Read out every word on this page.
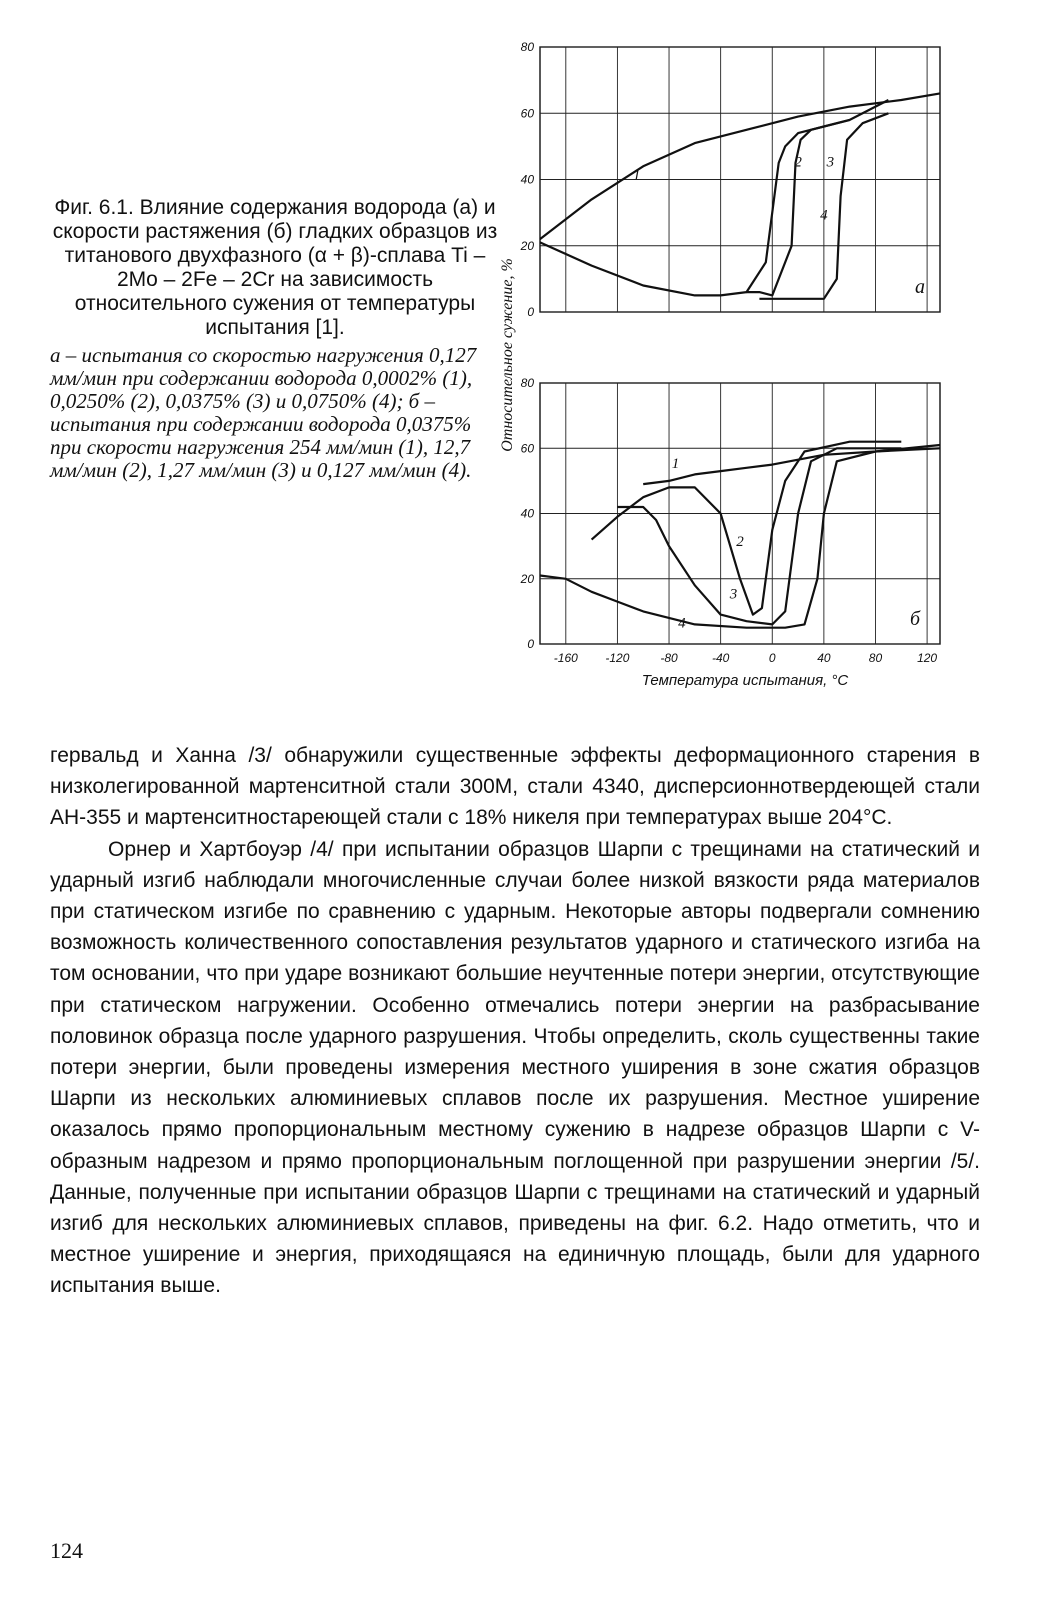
Фиг. 6.1. Влияние содержания водорода (а) и скорости растяжения (б) гладких образцов из титанового двухфазного (α + β)-сплава Ti – 2Mo – 2Fe – 2Cr на зависимость относительного сужения от температуры испытания [1].

а – испытания со скоростью нагружения 0,127 мм/мин при содержании водорода 0,0002% (1), 0,0250% (2), 0,0375% (3) и 0,0750% (4); б – испытания при содержании водорода 0,0375% при скорости нагружения 254 мм/мин (1), 12,7 мм/мин (2), 1,27 мм/мин (3) и 0,127 мм/мин (4).

0
20
40
60
80
1
2 3
4
а
0
20
40
60
80
1
2
3
4	б
-160 -120	-80	-40	0	40	80	120
Относительное сужение, %
Температура испытания, °C

гервальд и Ханна /3/ обнаружили существенные эффекты деформационного старения в низколегированной мартенситной стали 300М, стали 4340, дисперсионнотвердеющей стали АН-355 и мартенситностареющей стали с 18% никеля при температурах выше 204°С.

Орнер и Хартбоуэр /4/ при испытании образцов Шарпи с трещинами на статический и ударный изгиб наблюдали многочисленные случаи более низкой вязкости ряда материалов при статическом изгибе по сравнению с ударным. Некоторые авторы подвергали сомнению возможность количественного сопоставления результатов ударного и статического изгиба на том основании, что при ударе возникают большие неучтенные потери энергии, отсутствующие при статическом нагружении. Особенно отмечались потери энергии на разбрасывание половинок образца после ударного разрушения. Чтобы определить, сколь существенны такие потери энергии, были проведены измерения местного уширения в зоне сжатия образцов Шарпи из нескольких алюминиевых сплавов после их разрушения. Местное уширение оказалось прямо пропорциональным местному сужению в надрезе образцов Шарпи с V-образным надрезом и прямо пропорциональным поглощенной при разрушении энергии /5/. Данные, полученные при испытании образцов Шарпи с трещинами на статический и ударный изгиб для нескольких алюминиевых сплавов, приведены на фиг. 6.2. Надо отметить, что и местное уширение и энергия, приходящаяся на единичную площадь, были для ударного испытания выше.

124
